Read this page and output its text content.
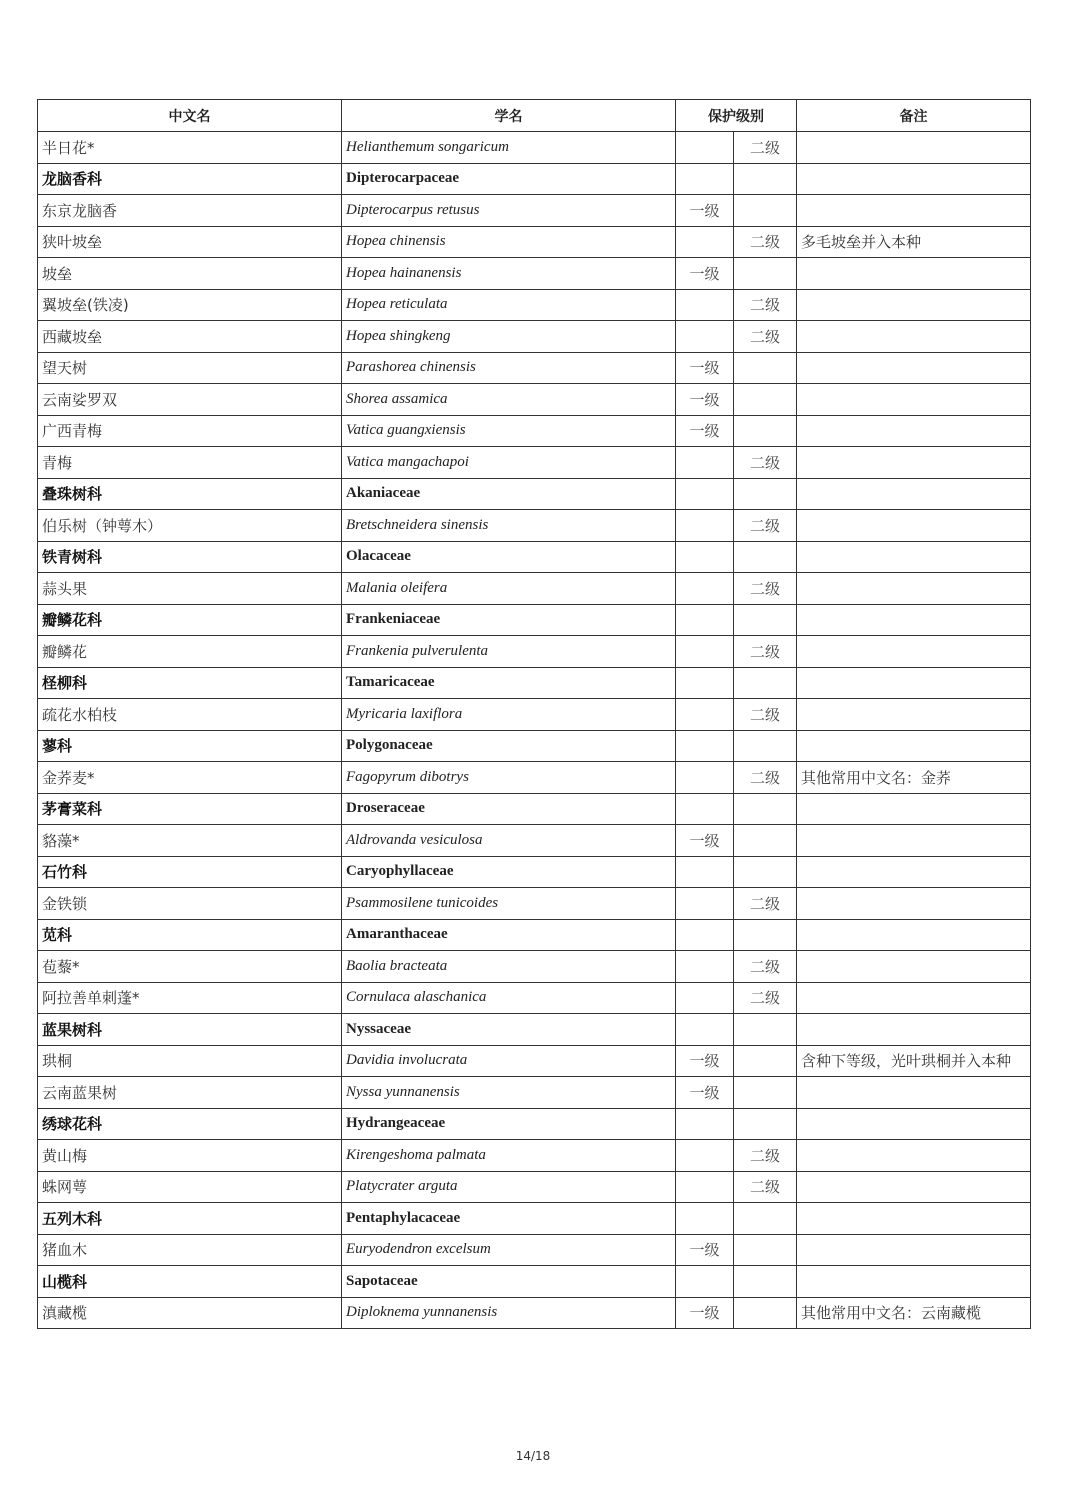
中文名	学名	保护级别		备注
半日花*	Helianthemum songaricum		二级	
龙脑香科	Dipterocarpaceae			
东京龙脑香	Dipterocarpus retusus	一级		
狭叶坡垒	Hopea chinensis		二级	多毛坡垒并入本种
坡垒	Hopea hainanensis	一级		
翼坡垒(铁凌)	Hopea reticulata		二级	
西藏坡垒	Hopea shingkeng		二级	
望天树	Parashorea chinensis	一级		
云南娑罗双	Shorea assamica	一级		
广西青梅	Vatica guangxiensis	一级		
青梅	Vatica mangachapoi		二级	
叠珠树科	Akaniaceae			
伯乐树（钟萼木）	Bretschneidera sinensis		二级	
铁青树科	Olacaceae			
蒜头果	Malania oleifera		二级	
瓣鳞花科	Frankeniaceae			
瓣鳞花	Frankenia pulverulenta		二级	
柽柳科	Tamaricaceae			
疏花水柏枝	Myricaria laxiflora		二级	
蓼科	Polygonaceae			
金荞麦*	Fagopyrum dibotrys		二级	其他常用中文名：金荞
茅膏菜科	Droseraceae			
貉藻*	Aldrovanda vesiculosa	一级		
石竹科	Caryophyllaceae			
金铁锁	Psammosilene tunicoides		二级	
苋科	Amaranthaceae			
苞藜*	Baolia bracteata		二级	
阿拉善单刺蓬*	Cornulaca alaschanica		二级	
蓝果树科	Nyssaceae			
珙桐	Davidia involucrata	一级		含种下等级，光叶珙桐并入本种
云南蓝果树	Nyssa yunnanensis	一级		
绣球花科	Hydrangeaceae			
黄山梅	Kirengeshoma palmata		二级	
蛛网萼	Platycrater arguta		二级	
五列木科	Pentaphylacaceae			
猪血木	Euryodendron excelsum	一级		
山榄科	Sapotaceae			
滇藏榄	Diploknema yunnanensis	一级		其他常用中文名：云南藏榄
14/18
